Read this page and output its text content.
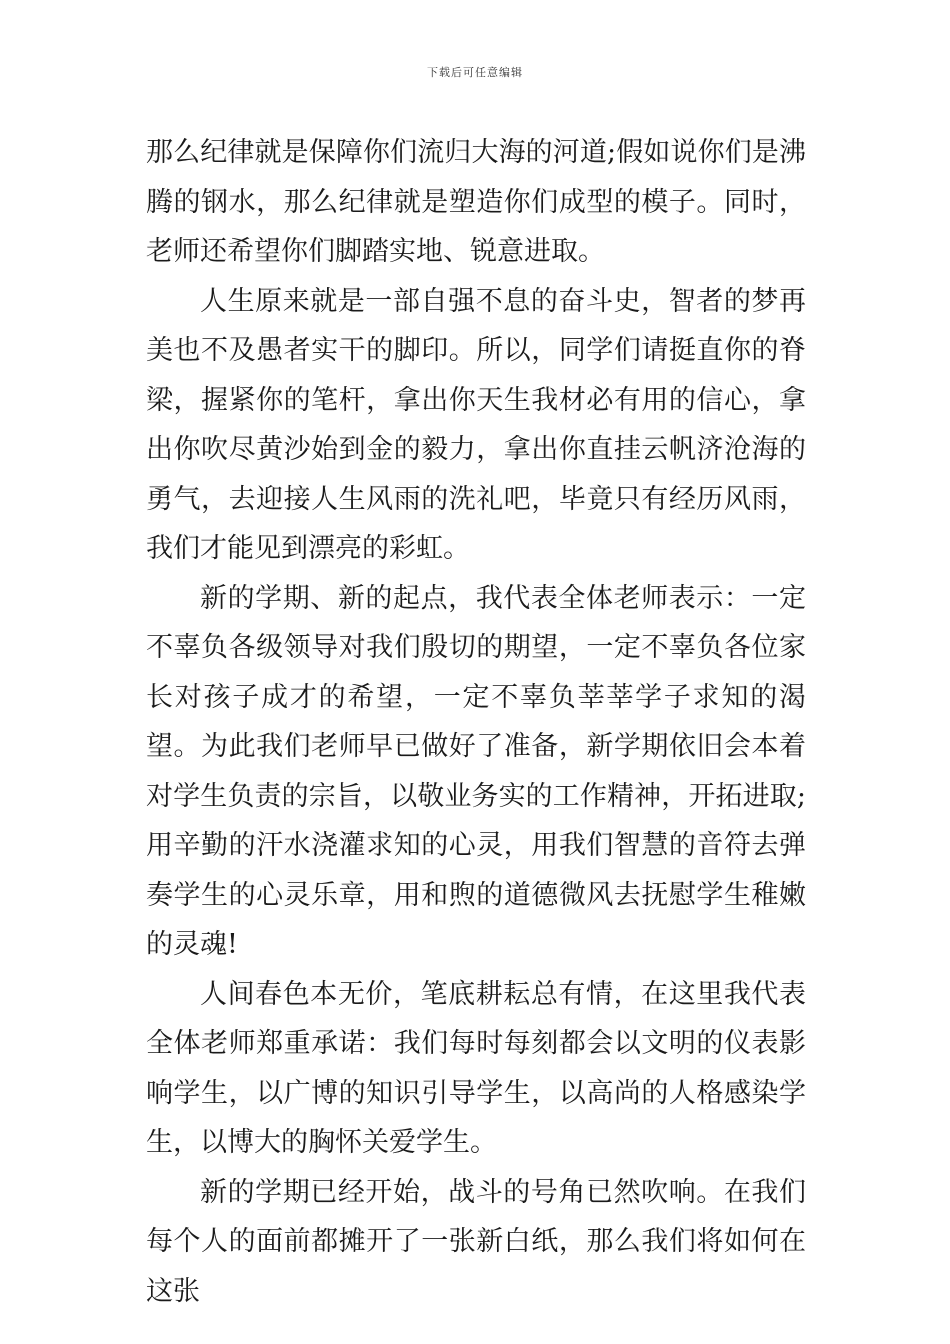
下载后可任意编辑

那么纪律就是保障你们流归大海的河道;假如说你们是沸腾的钢水，那么纪律就是塑造你们成型的模子。同时，老师还希望你们脚踏实地、锐意进取。

人生原来就是一部自强不息的奋斗史，智者的梦再美也不及愚者实干的脚印。所以，同学们请挺直你的脊梁，握紧你的笔杆，拿出你天生我材必有用的信心，拿出你吹尽黄沙始到金的毅力，拿出你直挂云帆济沧海的勇气，去迎接人生风雨的洗礼吧，毕竟只有经历风雨，我们才能见到漂亮的彩虹。

新的学期、新的起点，我代表全体老师表示：一定不辜负各级领导对我们殷切的期望，一定不辜负各位家长对孩子成才的希望，一定不辜负莘莘学子求知的渴望。为此我们老师早已做好了准备，新学期依旧会本着对学生负责的宗旨，以敬业务实的工作精神，开拓进取;用辛勤的汗水浇灌求知的心灵，用我们智慧的音符去弹奏学生的心灵乐章，用和煦的道德微风去抚慰学生稚嫩的灵魂!

人间春色本无价，笔底耕耘总有情，在这里我代表全体老师郑重承诺：我们每时每刻都会以文明的仪表影响学生，以广博的知识引导学生，以高尚的人格感染学生，以博大的胸怀关爱学生。

新的学期已经开始，战斗的号角已然吹响。在我们每个人的面前都摊开了一张新白纸，那么我们将如何在这张
